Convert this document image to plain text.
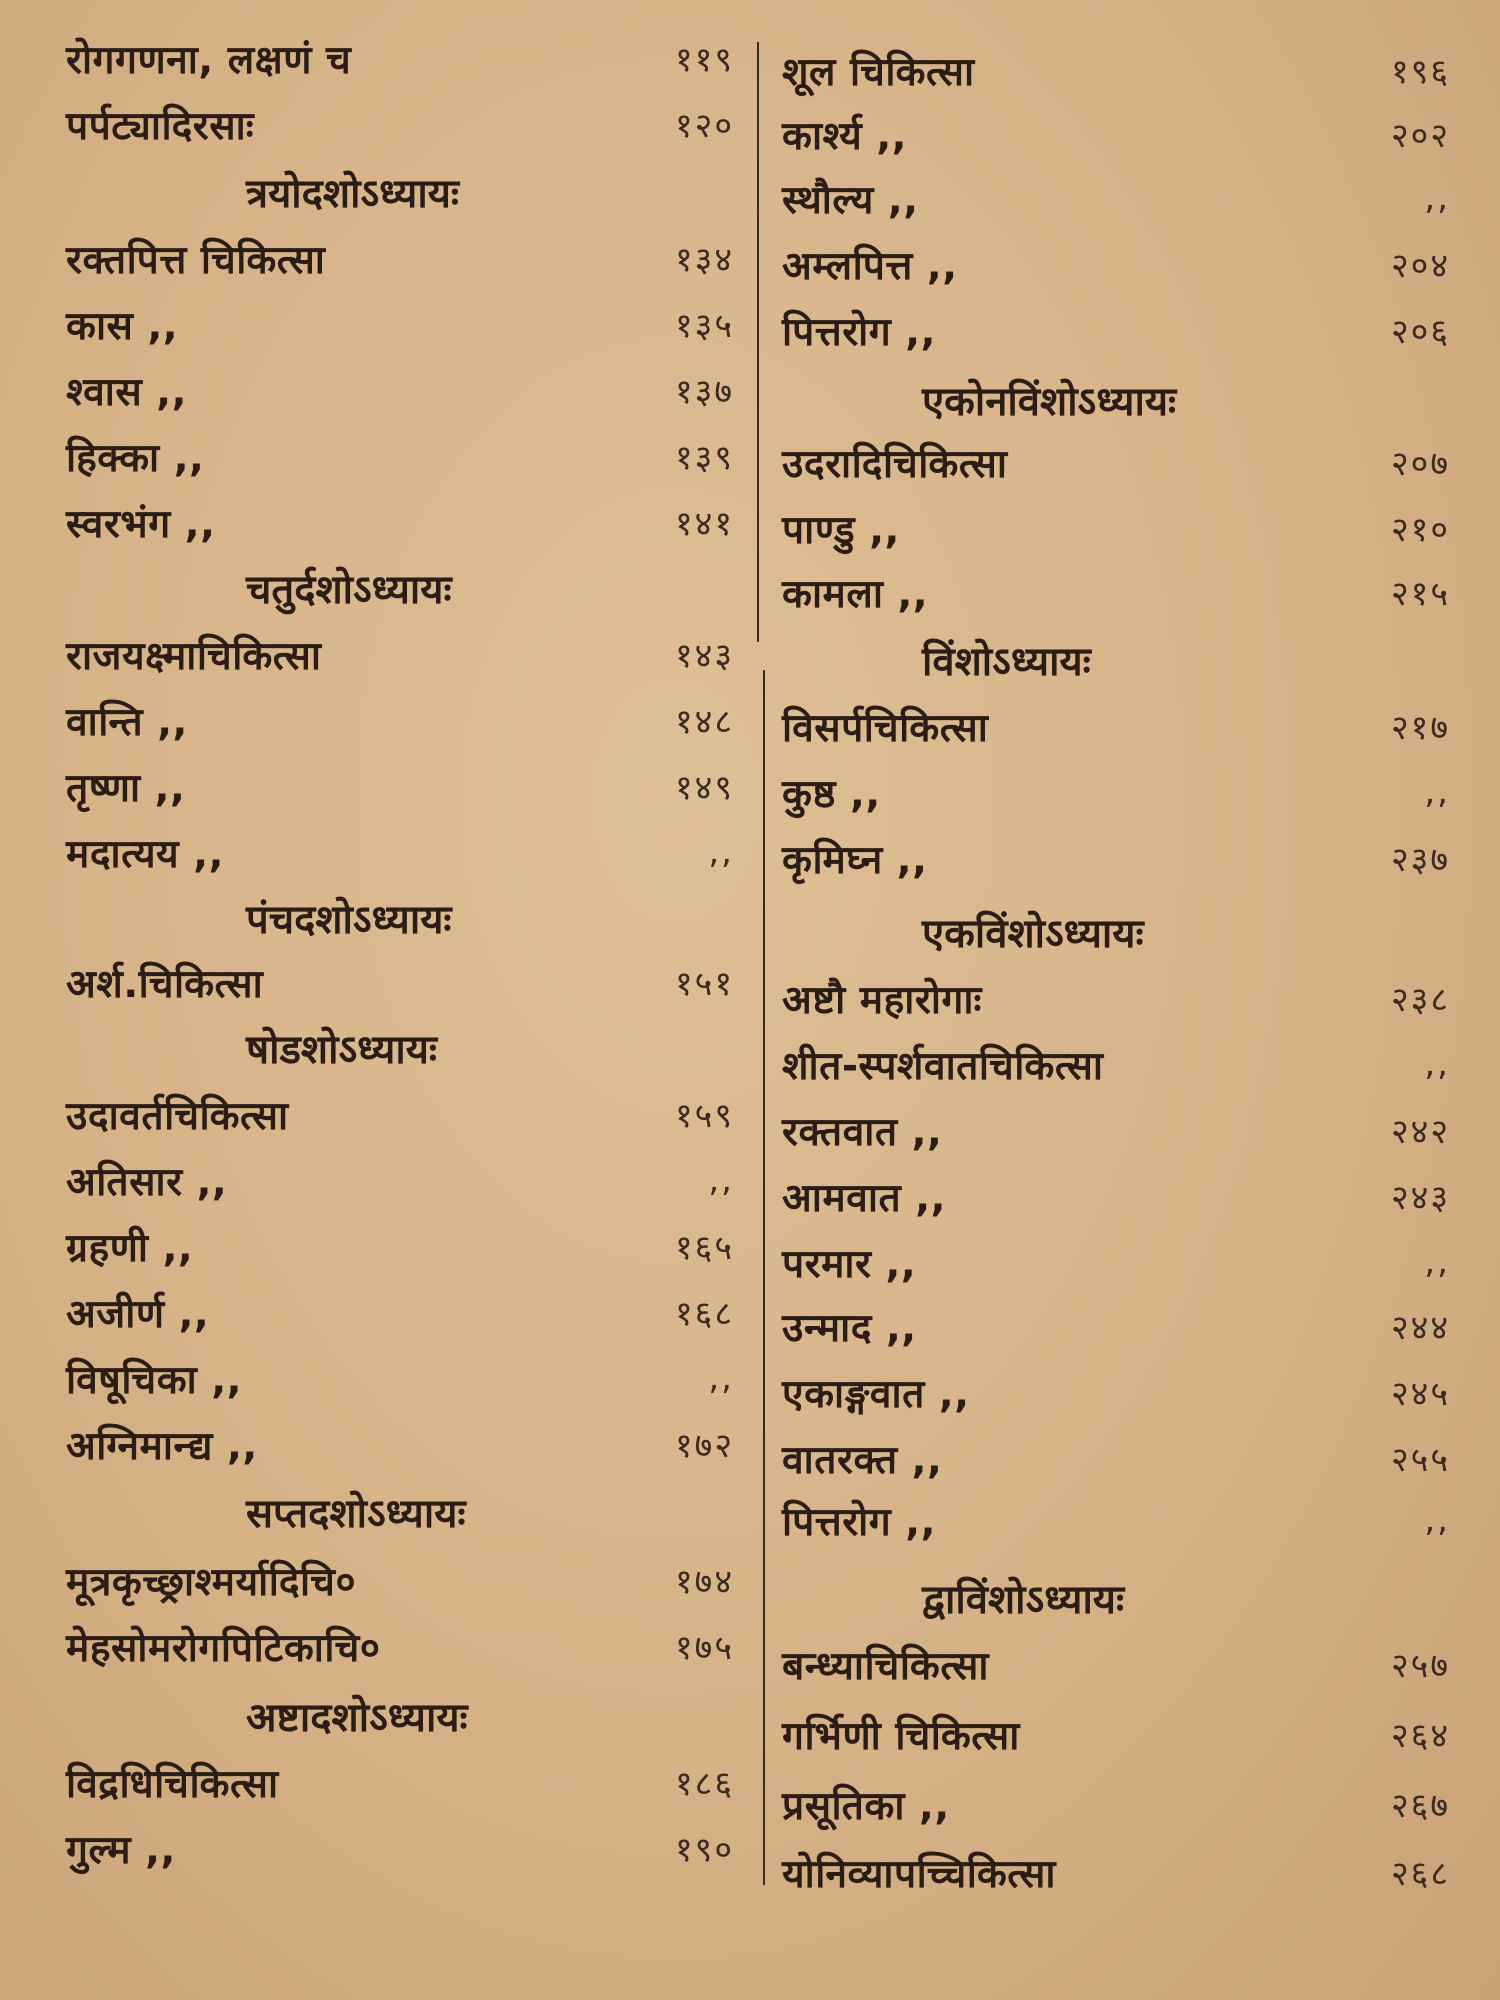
रोगगणना, लक्षणं च	११९
पर्पट्यादिरसाः	१२०
त्रयोदशोऽध्यायः
रक्तपित्त चिकित्सा	१३४
कास ,,	१३५
श्वास ,,	१३७
हिक्का ,,	१३९
स्वरभंग ,,	१४१
चतुर्दशोऽध्यायः
राजयक्ष्माचिकित्सा	१४३
वान्ति ,,	१४८
तृष्णा ,,	१४९
मदात्यय ,,	,,
पंचदशोऽध्यायः
अर्श.चिकित्सा	१५१
षोडशोऽध्यायः
उदावर्तचिकित्सा	१५९
अतिसार ,,	,,
ग्रहणी ,,	१६५
अजीर्ण ,,	१६८
विषूचिका ,,	,,
अग्निमान्द्य ,,	१७२
सप्तदशोऽध्यायः
मूत्रकृच्छ्राश्मर्यादिचि०	१७४
मेहसोमरोगपिटिकाचि०	१७५
अष्टादशोऽध्यायः
विद्रधिचिकित्सा	१८६
गुल्म ,,	१९०
शूल चिकित्सा	१९६
कार्श्य ,,	२०२
स्थौल्य ,,	,,
अम्लपित्त ,,	२०४
पित्तरोग ,,	२०६
एकोनविंशोऽध्यायः
उदरादिचिकित्सा	२०७
पाण्डु ,,	२१०
कामला ,,	२१५
विंशोऽध्यायः
विसर्पचिकित्सा	२१७
कुष्ठ ,,	,,
कृमिघ्न ,,	२३७
एकविंशोऽध्यायः
अष्टौ महारोगाः	२३८
शीत-स्पर्शवातचिकित्सा	,,
रक्तवात ,,	२४२
आमवात ,,	२४३
परमार ,,	,,
उन्माद ,,	२४४
एकाङ्गवात ,,	२४५
वातरक्त ,,	२५५
पित्तरोग ,,	,,
द्वाविंशोऽध्यायः
बन्ध्याचिकित्सा	२५७
गर्भिणी चिकित्सा	२६४
प्रसूतिका ,,	२६७
योनिव्यापच्चिकित्सा	२६८
